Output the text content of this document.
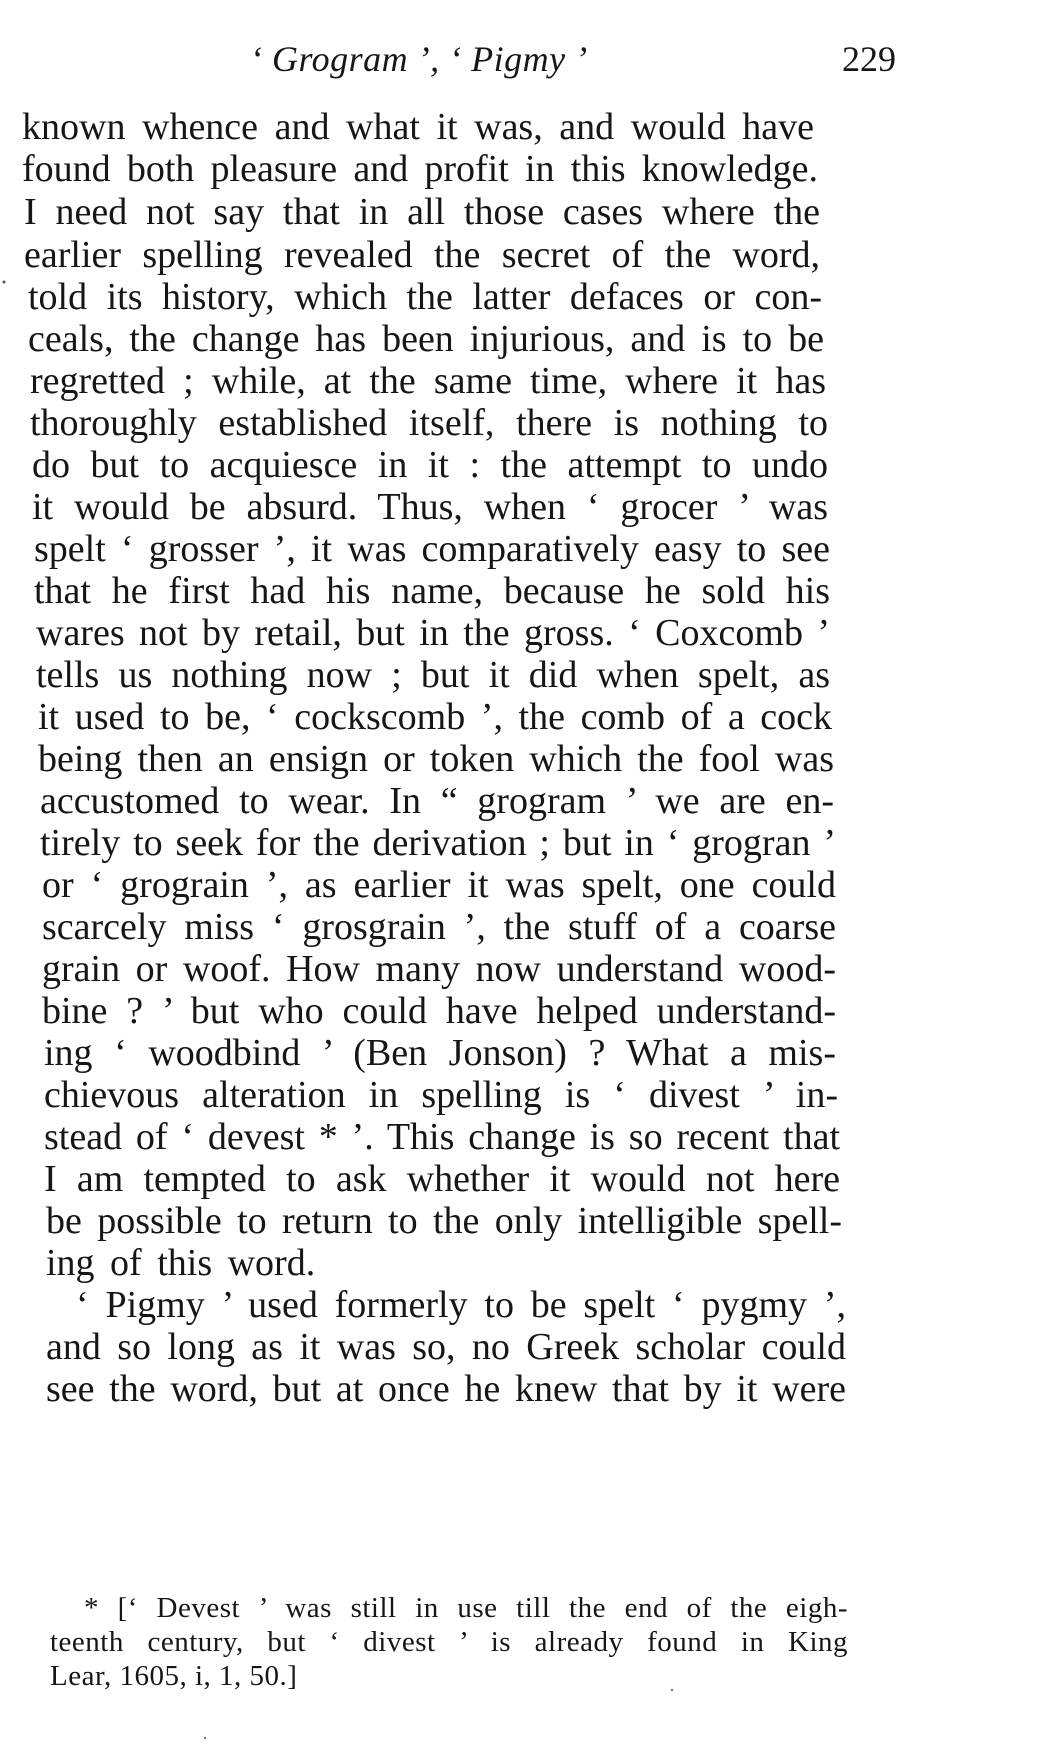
‘ Grogram ’, ‘ Pigmy ’	229
known whence and what it was, and would have
found both pleasure and profit in this knowledge.
I need not say that in all those cases where the
earlier spelling revealed the secret of the word,
told its history, which the latter defaces or con-
ceals, the change has been injurious, and is to be
regretted ; while, at the same time, where it has
thoroughly established itself, there is nothing to
do but to acquiesce in it : the attempt to undo
it would be absurd. Thus, when ‘ grocer ’ was
spelt ‘ grosser ’, it was comparatively easy to see
that he first had his name, because he sold his
wares not by retail, but in the gross. ‘ Coxcomb ’
tells us nothing now ; but it did when spelt, as
it used to be, ‘ cockscomb ’, the comb of a cock
being then an ensign or token which the fool was
accustomed to wear. In “ grogram ’ we are en-
tirely to seek for the derivation ; but in ‘ grogran ’
or ‘ grograin ’, as earlier it was spelt, one could
scarcely miss ‘ grosgrain ’, the stuff of a coarse
grain or woof. How many now understand wood-
bine ? ’ but who could have helped understand-
ing ‘ woodbind ’ (Ben Jonson) ? What a mis-
chievous alteration in spelling is ‘ divest ’ in-
stead of ‘ devest * ’. This change is so recent that
I am tempted to ask whether it would not here
be possible to return to the only intelligible spell-
ing of this word.
‘ Pigmy ’ used formerly to be spelt ‘ pygmy ’,
and so long as it was so, no Greek scholar could
see the word, but at once he knew that by it were
* [‘ Devest ’ was still in use till the end of the eigh-
teenth century, but ‘ divest ’ is already found in King
Lear, 1605, i, 1, 50.]
